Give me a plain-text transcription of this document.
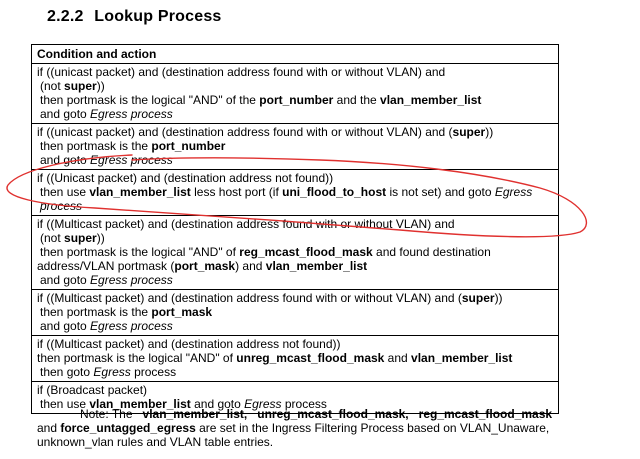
2.2.2 Lookup Process
Condition and action

if ((unicast packet) and (destination address found with or without VLAN) and
(not super))
then portmask is the logical "AND" of the port_number and the vlan_member_list
and goto Egress process

if ((unicast packet) and (destination address found with or without VLAN) and (super))
then portmask is the port_number
and goto Egress process

if ((Unicast packet) and (destination address not found))
then use vlan_member_list less host port (if uni_flood_to_host is not set) and goto Egress process

if ((Multicast packet) and (destination address found with or without VLAN) and
(not super))
then portmask is the logical "AND" of reg_mcast_flood_mask and found destination
address/VLAN portmask (port_mask) and vlan_member_list
and goto Egress process

if ((Multicast packet) and (destination address found with or without VLAN) and (super))
then portmask is the port_mask
and goto Egress process

if ((Multicast packet) and (destination address not found))
then portmask is the logical "AND" of unreg_mcast_flood_mask and vlan_member_list
then goto Egress process

if (Broadcast packet)
then use vlan_member_list and goto Egress process
Note: The vlan_member_list, unreg_mcast_flood_mask, reg_mcast_flood_mask
and force_untagged_egress are set in the Ingress Filtering Process based on VLAN_Unaware,
unknown_vlan rules and VLAN table entries.
